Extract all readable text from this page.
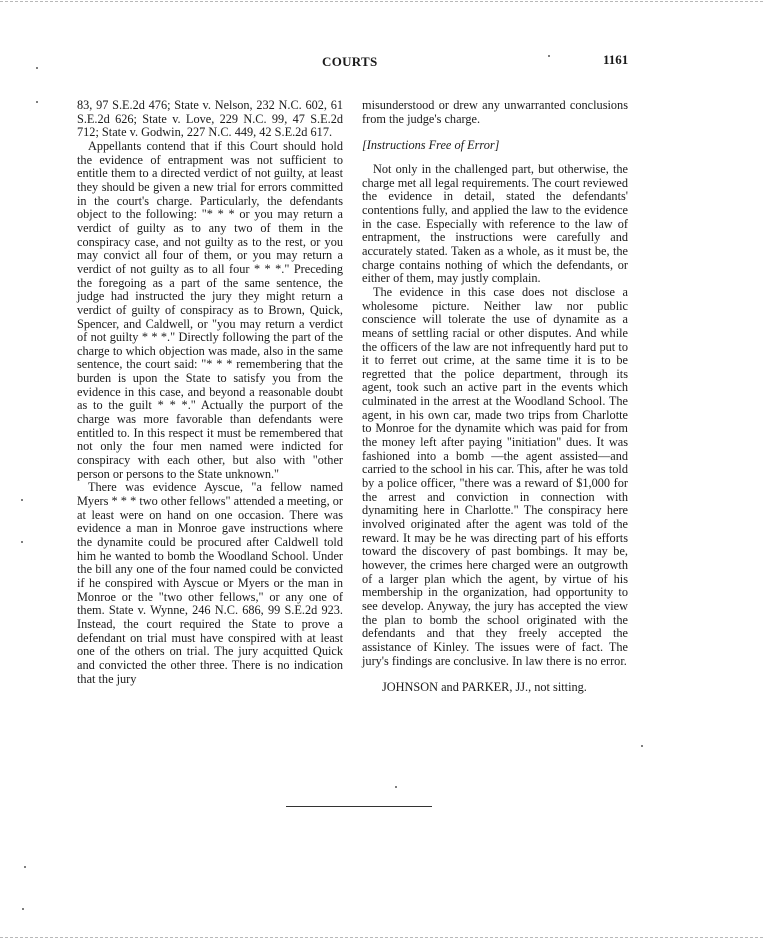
COURTS	1161

83, 97 S.E.2d 476; State v. Nelson, 232 N.C. 602, 61 S.E.2d 626; State v. Love, 229 N.C. 99, 47 S.E.2d 712; State v. Godwin, 227 N.C. 449, 42 S.E.2d 617.

Appellants contend that if this Court should hold the evidence of entrapment was not sufficient to entitle them to a directed verdict of not guilty, at least they should be given a new trial for errors committed in the court's charge. Particularly, the defendants object to the following: "* * * or you may return a verdict of guilty as to any two of them in the conspiracy case, and not guilty as to the rest, or you may convict all four of them, or you may return a verdict of not guilty as to all four * * *." Preceding the foregoing as a part of the same sentence, the judge had instructed the jury they might return a verdict of guilty of conspiracy as to Brown, Quick, Spencer, and Caldwell, or "you may return a verdict of not guilty * * *." Directly following the part of the charge to which objection was made, also in the same sentence, the court said: "* * * remembering that the burden is upon the State to satisfy you from the evidence in this case, and beyond a reasonable doubt as to the guilt * * *." Actually the purport of the charge was more favorable than defendants were entitled to. In this respect it must be remembered that not only the four men named were indicted for conspiracy with each other, but also with "other person or persons to the State unknown."

There was evidence Ayscue, "a fellow named Myers * * * two other fellows" attended a meeting, or at least were on hand on one occasion. There was evidence a man in Monroe gave instructions where the dynamite could be procured after Caldwell told him he wanted to bomb the Woodland School. Under the bill any one of the four named could be convicted if he conspired with Ayscue or Myers or the man in Monroe or the "two other fellows," or any one of them. State v. Wynne, 246 N.C. 686, 99 S.E.2d 923. Instead, the court required the State to prove a defendant on trial must have conspired with at least one of the others on trial. The jury acquitted Quick and convicted the other three. There is no indication that the jury

misunderstood or drew any unwarranted conclusions from the judge's charge.

[Instructions Free of Error]

Not only in the challenged part, but otherwise, the charge met all legal requirements. The court reviewed the evidence in detail, stated the defendants' contentions fully, and applied the law to the evidence in the case. Especially with reference to the law of entrapment, the instructions were carefully and accurately stated. Taken as a whole, as it must be, the charge contains nothing of which the defendants, or either of them, may justly complain.

The evidence in this case does not disclose a wholesome picture. Neither law nor public conscience will tolerate the use of dynamite as a means of settling racial or other disputes. And while the officers of the law are not infrequently hard put to it to ferret out crime, at the same time it is to be regretted that the police department, through its agent, took such an active part in the events which culminated in the arrest at the Woodland School. The agent, in his own car, made two trips from Charlotte to Monroe for the dynamite which was paid for from the money left after paying "initiation" dues. It was fashioned into a bomb —the agent assisted—and carried to the school in his car. This, after he was told by a police officer, "there was a reward of $1,000 for the arrest and conviction in connection with dynamiting here in Charlotte." The conspiracy here involved originated after the agent was told of the reward. It may be he was directing part of his efforts toward the discovery of past bombings. It may be, however, the crimes here charged were an outgrowth of a larger plan which the agent, by virtue of his membership in the organization, had opportunity to see develop. Anyway, the jury has accepted the view the plan to bomb the school originated with the defendants and that they freely accepted the assistance of Kinley. The issues were of fact. The jury's findings are conclusive. In law there is no error.

JOHNSON and PARKER, JJ., not sitting.
